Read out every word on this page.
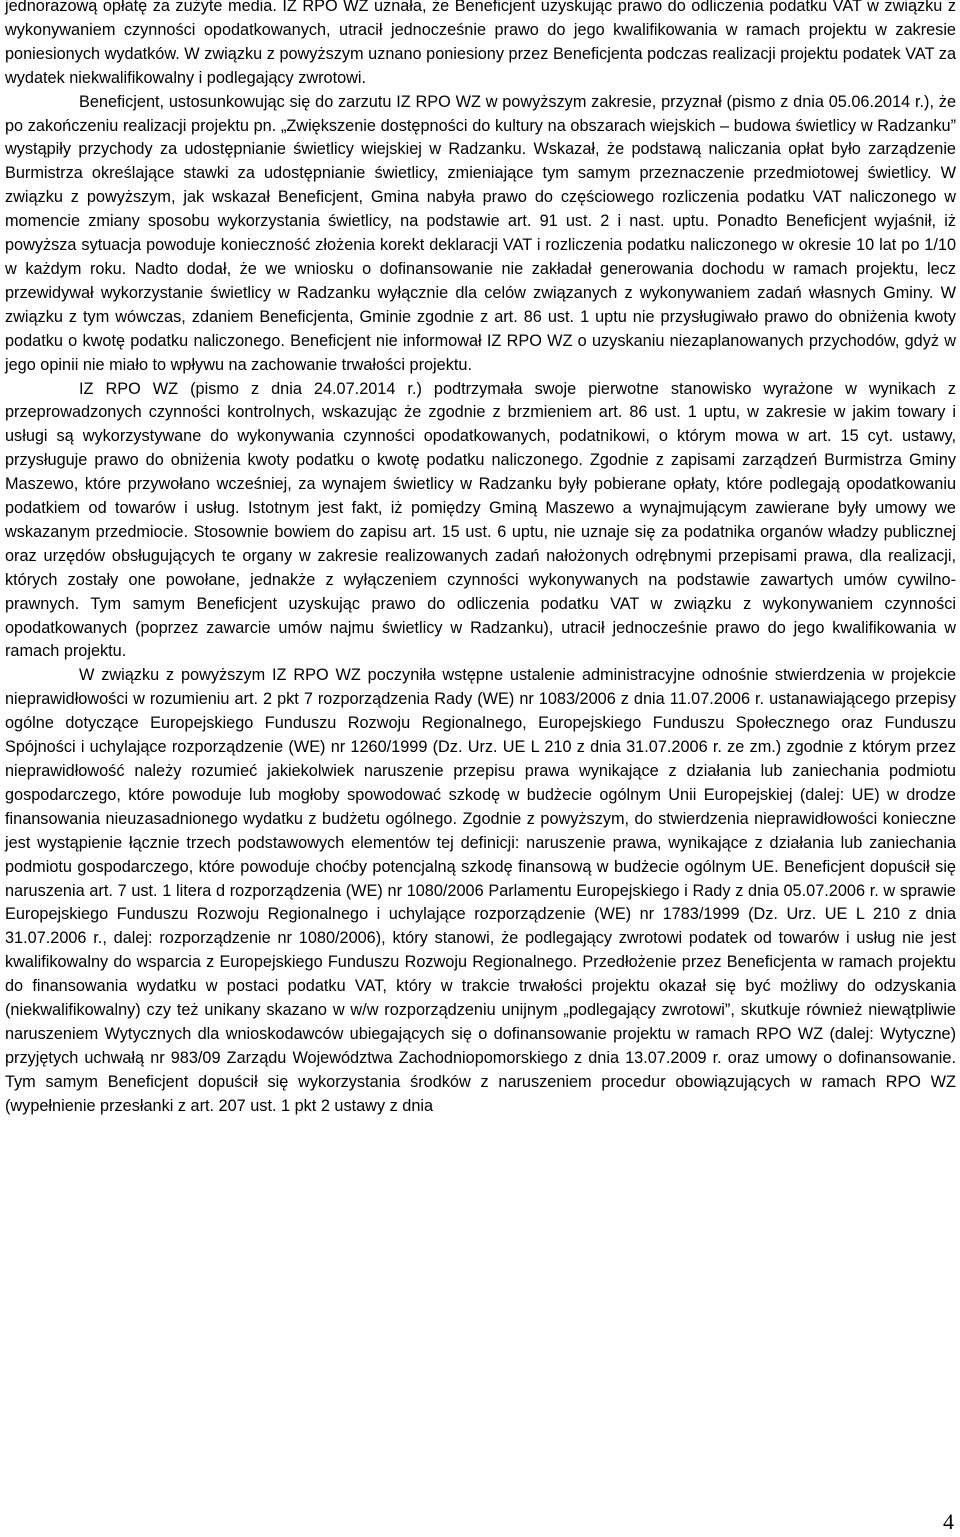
jednorazową opłatę za zużyte media. IZ RPO WZ uznała, że Beneficjent uzyskując prawo do odliczenia podatku VAT w związku z wykonywaniem czynności opodatkowanych, utracił jednocześnie prawo do jego kwalifikowania w ramach projektu w zakresie poniesionych wydatków. W związku z powyższym uznano poniesiony przez Beneficjenta podczas realizacji projektu podatek VAT za wydatek niekwalifikowalny i podlegający zwrotowi.

Beneficjent, ustosunkowując się do zarzutu IZ RPO WZ w powyższym zakresie, przyznał (pismo z dnia 05.06.2014 r.), że po zakończeniu realizacji projektu pn. „Zwiększenie dostępności do kultury na obszarach wiejskich – budowa świetlicy w Radzanku” wystąpiły przychody za udostępnianie świetlicy wiejskiej w Radzanku. Wskazał, że podstawą naliczania opłat było zarządzenie Burmistrza określające stawki za udostępnianie świetlicy, zmieniające tym samym przeznaczenie przedmiotowej świetlicy. W związku z powyższym, jak wskazał Beneficjent, Gmina nabyła prawo do częściowego rozliczenia podatku VAT naliczonego w momencie zmiany sposobu wykorzystania świetlicy, na podstawie art. 91 ust. 2 i nast. uptu. Ponadto Beneficjent wyjaśnił, iż powyższa sytuacja powoduje konieczność złożenia korekt deklaracji VAT i rozliczenia podatku naliczonego w okresie 10 lat po 1/10 w każdym roku. Nadto dodał, że we wniosku o dofinansowanie nie zakładał generowania dochodu w ramach projektu, lecz przewidywał wykorzystanie świetlicy w Radzanku wyłącznie dla celów związanych z wykonywaniem zadań własnych Gminy. W związku z tym wówczas, zdaniem Beneficjenta, Gminie zgodnie z art. 86 ust. 1 uptu nie przysługiwało prawo do obniżenia kwoty podatku o kwotę podatku naliczonego. Beneficjent nie informował IZ RPO WZ o uzyskaniu niezaplanowanych przychodów, gdyż w jego opinii nie miało to wpływu na zachowanie trwałości projektu.

IZ RPO WZ (pismo z dnia 24.07.2014 r.) podtrzymała swoje pierwotne stanowisko wyrażone w wynikach z przeprowadzonych czynności kontrolnych, wskazując że zgodnie z brzmieniem art. 86 ust. 1 uptu, w zakresie w jakim towary i usługi są wykorzystywane do wykonywania czynności opodatkowanych, podatnikowi, o którym mowa w art. 15 cyt. ustawy, przysługuje prawo do obniżenia kwoty podatku o kwotę podatku naliczonego. Zgodnie z zapisami zarządzeń Burmistrza Gminy Maszewo, które przywołano wcześniej, za wynajem świetlicy w Radzanku były pobierane opłaty, które podlegają opodatkowaniu podatkiem od towarów i usług. Istotnym jest fakt, iż pomiędzy Gminą Maszewo a wynajmującym zawierane były umowy we wskazanym przedmiocie. Stosownie bowiem do zapisu art. 15 ust. 6 uptu, nie uznaje się za podatnika organów władzy publicznej oraz urzędów obsługujących te organy w zakresie realizowanych zadań nałożonych odrębnymi przepisami prawa, dla realizacji, których zostały one powołane, jednakże z wyłączeniem czynności wykonywanych na podstawie zawartych umów cywilno-prawnych. Tym samym Beneficjent uzyskując prawo do odliczenia podatku VAT w związku z wykonywaniem czynności opodatkowanych (poprzez zawarcie umów najmu świetlicy w Radzanku), utracił jednocześnie prawo do jego kwalifikowania w ramach projektu.

W związku z powyższym IZ RPO WZ poczyniła wstępne ustalenie administracyjne odnośnie stwierdzenia w projekcie nieprawidłowości w rozumieniu art. 2 pkt 7 rozporządzenia Rady (WE) nr 1083/2006 z dnia 11.07.2006 r. ustanawiającego przepisy ogólne dotyczące Europejskiego Funduszu Rozwoju Regionalnego, Europejskiego Funduszu Społecznego oraz Funduszu Spójności i uchylające rozporządzenie (WE) nr 1260/1999 (Dz. Urz. UE L 210 z dnia 31.07.2006 r. ze zm.) zgodnie z którym przez nieprawidłowość należy rozumieć jakiekolwiek naruszenie przepisu prawa wynikające z działania lub zaniechania podmiotu gospodarczego, które powoduje lub mogłoby spowodować szkodę w budżecie ogólnym Unii Europejskiej (dalej: UE) w drodze finansowania nieuzasadnionego wydatku z budżetu ogólnego. Zgodnie z powyższym, do stwierdzenia nieprawidłowości konieczne jest wystąpienie łącznie trzech podstawowych elementów tej definicji: naruszenie prawa, wynikające z działania lub zaniechania podmiotu gospodarczego, które powoduje choćby potencjalną szkodę finansową w budżecie ogólnym UE. Beneficjent dopuścił się naruszenia art. 7 ust. 1 litera d rozporządzenia (WE) nr 1080/2006 Parlamentu Europejskiego i Rady z dnia 05.07.2006 r. w sprawie Europejskiego Funduszu Rozwoju Regionalnego i uchylające rozporządzenie (WE) nr 1783/1999 (Dz. Urz. UE L 210 z dnia 31.07.2006 r., dalej: rozporządzenie nr 1080/2006), który stanowi, że podlegający zwrotowi podatek od towarów i usług nie jest kwalifikowalny do wsparcia z Europejskiego Funduszu Rozwoju Regionalnego. Przedłożenie przez Beneficjenta w ramach projektu do finansowania wydatku w postaci podatku VAT, który w trakcie trwałości projektu okazał się być możliwy do odzyskania (niekwalifikowalny) czy też unikany skazano w w/w rozporządzeniu unijnym „podlegający zwrotowi”, skutkuje również niewątpliwie naruszeniem Wytycznych dla wnioskodawców ubiegających się o dofinansowanie projektu w ramach RPO WZ (dalej: Wytyczne) przyjętych uchwałą nr 983/09 Zarządu Województwa Zachodniopomorskiego z dnia 13.07.2009 r. oraz umowy o dofinansowanie. Tym samym Beneficjent dopuścił się wykorzystania środków z naruszeniem procedur obowiązujących w ramach RPO WZ (wypełnienie przesłanki z art. 207 ust. 1 pkt 2 ustawy z dnia

4
